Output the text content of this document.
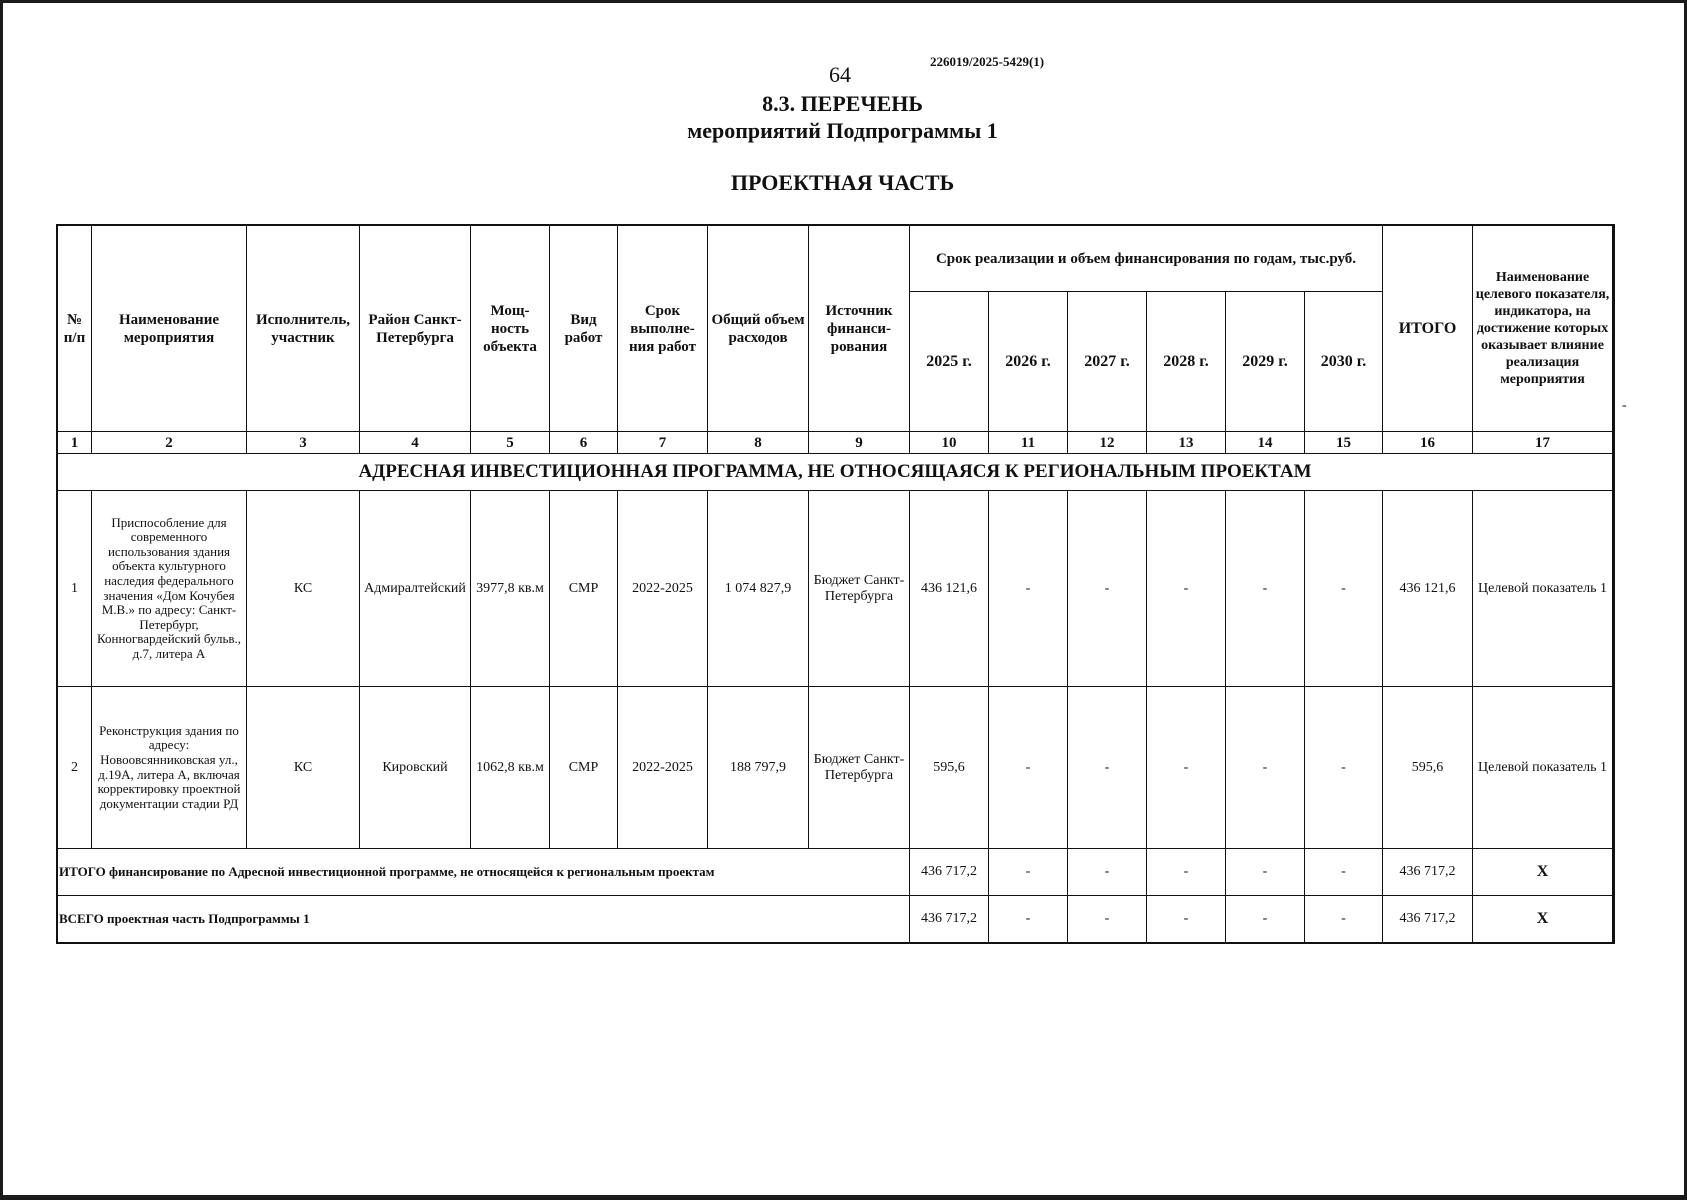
226019/2025-5429(1)
64
8.3. ПЕРЕЧЕНЬ
мероприятий Подпрограммы 1
ПРОЕКТНАЯ ЧАСТЬ
-
№ п/п	Наименование мероприятия	Исполнитель, участник	Район Санкт-Петербурга	Мощ-ность объекта	Вид работ	Срок выполне-ния работ	Общий объем расходов	Источник финанси-рования	Срок реализации и объем финансирования по годам, тыс.руб.						ИТОГО	Наименование целевого показателя, индикатора, на достижение которых оказывает влияние реализация мероприятия
									2025 г.	2026 г.	2027 г.	2028 г.	2029 г.	2030 г.		
1	2	3	4	5	6	7	8	9	10	11	12	13	14	15	16	17
АДРЕСНАЯ ИНВЕСТИЦИОННАЯ ПРОГРАММА, НЕ ОТНОСЯЩАЯСЯ К РЕГИОНАЛЬНЫМ ПРОЕКТАМ																
1	Приспособление для современного использования здания объекта культурного наследия федерального значения «Дом Кочубея М.В.» по адресу: Санкт-Петербург, Конногвардейский бульв., д.7, литера А	КС	Адмиралтейский	3977,8 кв.м	СМР	2022-2025	1 074 827,9	Бюджет Санкт-Петербурга	436 121,6	-	-	-	-	-	436 121,6	Целевой показатель 1
2	Реконструкция здания по адресу: Новоовсянниковская ул., д.19А, литера А, включая корректировку проектной документации стадии РД	КС	Кировский	1062,8 кв.м	СМР	2022-2025	188 797,9	Бюджет Санкт-Петербурга	595,6	-	-	-	-	-	595,6	Целевой показатель 1
ИТОГО финансирование по Адресной инвестиционной программе, не относящейся к региональным проектам									436 717,2	-	-	-	-	-	436 717,2	X
ВСЕГО проектная часть Подпрограммы 1									436 717,2	-	-	-	-	-	436 717,2	X
